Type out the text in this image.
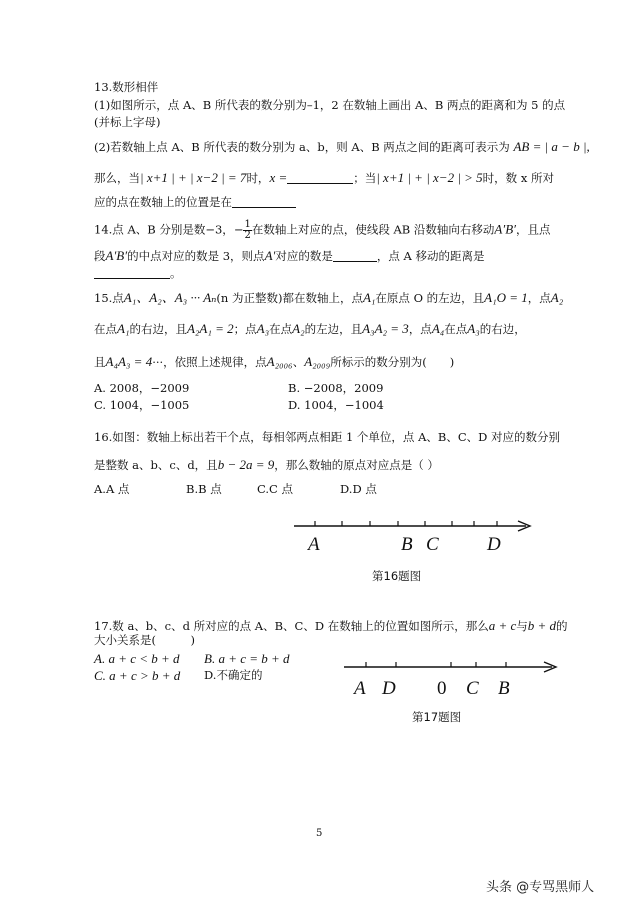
13.数形相伴
(1)如图所示，点 A、B 所代表的数分别为–1，2 在数轴上画出 A、B 两点的距离和为 5 的点
(并标上字母)
(2)若数轴上点 A、B 所代表的数分别为 a、b，则 A、B 两点之间的距离可表示为 AB = | a − b |,
那么，当| x+1 | + | x−2 | = 7时，x =	；当| x+1 | + | x−2 | > 5时，数 x 所对
应的点在数轴上的位置是在
14.点 A、B 分别是数−3，− $\frac{1}{2}$ 在数轴上对应的点，使线段 AB 沿数轴向右移动A′B′，且点
段A′B′的中点对应的数是 3，则点A′对应的数是	，点 A 移动的距离是
。
15.点A₁、A₂、A₃ ··· Aₙ(n 为正整数)都在数轴上，点A₁在原点 O 的左边，且A₁O = 1，点A₂
在点A₁的右边，且A₂A₁ = 2；点A₃在点A₂的左边，且A₃A₂ = 3，点A₄在点A₃的右边，
且A₄A₃ = 4···，依照上述规律，点A₂₀₀₆、A₂₀₀₉所标示的数分别为(　　)
A. 2008，−2009	B. −2008，2009
C. 1004，−1005	D. 1004，−1004
16.如图：数轴上标出若干个点，每相邻两点相距 1 个单位，点 A、B、C、D 对应的数分别
是整数 a、b、c、d，且b − 2a = 9，那么数轴的原点对应点是（ ）
A.A 点	B.B 点	C.C 点	D.D 点
A	B C	D
第16题图
17.数 a、b、c、d 所对应的点 A、B、C、D 在数轴上的位置如图所示，那么a + c与b + d的
大小关系是(　　　)
A. a + c < b + d B. a + c = b + d
C. a + c > b + d D.不确定的
A D 0 C B
第17题图
5
头条 @专骂黑师人
